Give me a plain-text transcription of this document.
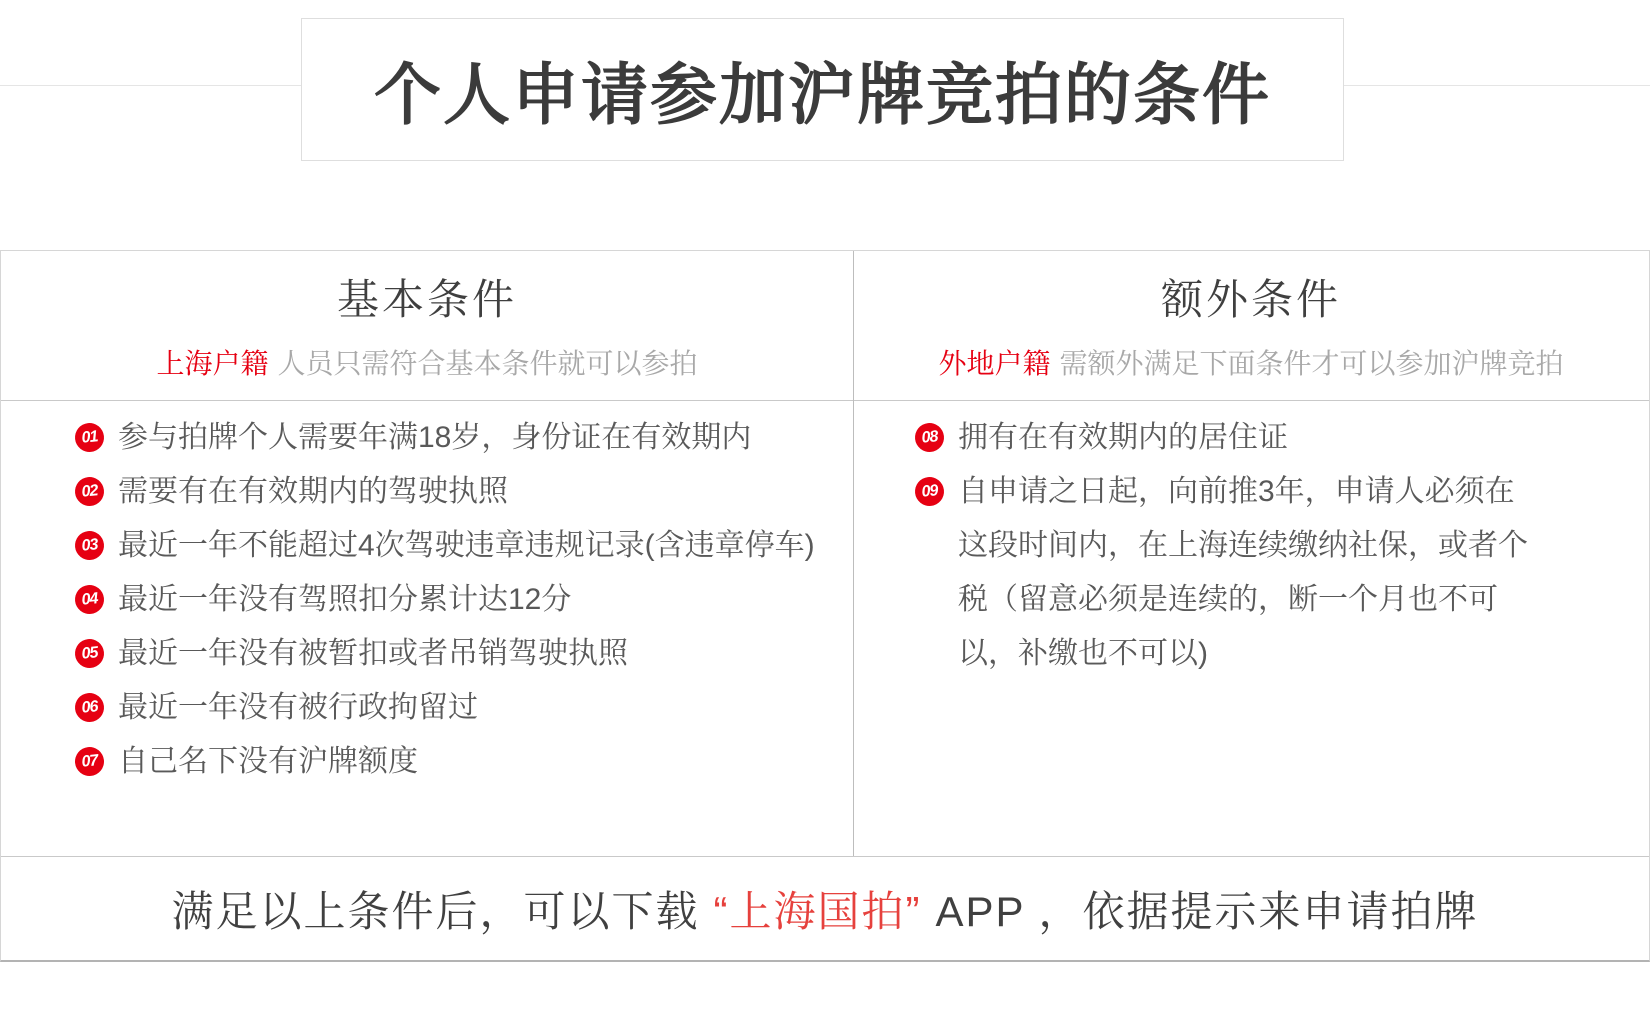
个人申请参加沪牌竞拍的条件
基本条件
上海户籍 人员只需符合基本条件就可以参拍
额外条件
外地户籍 需额外满足下面条件才可以参加沪牌竞拍
01 参与拍牌个人需要年满18岁，身份证在有效期内
02 需要有在有效期内的驾驶执照
03 最近一年不能超过4次驾驶违章违规记录(含违章停车)
04 最近一年没有驾照扣分累计达12分
05 最近一年没有被暂扣或者吊销驾驶执照
06 最近一年没有被行政拘留过
07 自己名下没有沪牌额度
08 拥有在有效期内的居住证
09 自申请之日起，向前推3年，申请人必须在这段时间内，在上海连续缴纳社保，或者个税（留意必须是连续的，断一个月也不可以，补缴也不可以)
满足以上条件后，可以下载 “上海国拍” APP ，依据提示来申请拍牌
